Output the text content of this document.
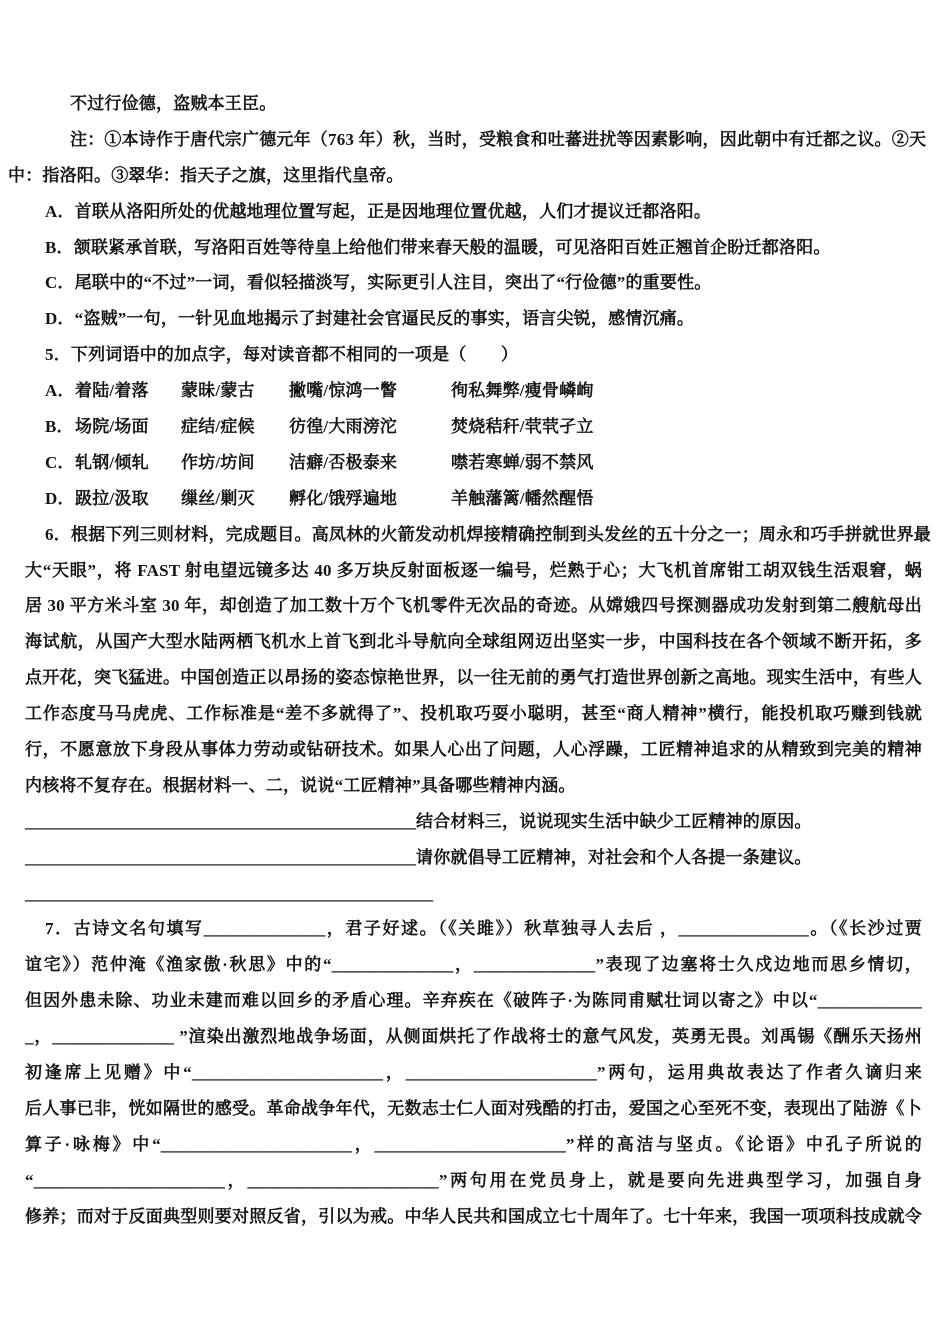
不过行俭德，盗贼本王臣。
注：①本诗作于唐代宗广德元年（763 年）秋，当时，受粮食和吐蕃进扰等因素影响，因此朝中有迁都之议。②天
中：指洛阳。③翠华：指天子之旗，这里指代皇帝。
A．首联从洛阳所处的优越地理位置写起，正是因地理位置优越，人们才提议迁都洛阳。
B．颔联紧承首联，写洛阳百姓等待皇上给他们带来春天般的温暖，可见洛阳百姓正翘首企盼迁都洛阳。
C．尾联中的“不过”一词，看似轻描淡写，实际更引人注目，突出了“行俭德”的重要性。
D．“盗贼”一句，一针见血地揭示了封建社会官逼民反的事实，语言尖锐，感情沉痛。
5．下列词语中的加点字，每对读音都不相同的一项是（　　）
A．着陆/着落 蒙昧/蒙古 撇嘴/惊鸿一瞥	徇私舞弊/瘦骨嶙峋
B．场院/场面 症结/症候 彷徨/大雨滂沱	焚烧秸秆/茕茕孑立
C．轧钢/倾轧 作坊/坊间 洁癖/否极泰来	噤若寒蝉/弱不禁风
D．趿拉/汲取 缫丝/剿灭 孵化/饿殍遍地	羊触藩篱/幡然醒悟
6．根据下列三则材料，完成题目。高凤林的火箭发动机焊接精确控制到头发丝的五十分之一；周永和巧手拼就世界最
大“天眼”，将 FAST 射电望远镜多达 40 多万块反射面板逐一编号，烂熟于心；大飞机首席钳工胡双钱生活艰窘，蜗
居 30 平方米斗室 30 年，却创造了加工数十万个飞机零件无次品的奇迹。从嫦娥四号探测器成功发射到第二艘航母出
海试航，从国产大型水陆两栖飞机水上首飞到北斗导航向全球组网迈出坚实一步，中国科技在各个领域不断开拓，多
点开花，突飞猛进。中国创造正以昂扬的姿态惊艳世界，以一往无前的勇气打造世界创新之高地。现实生活中，有些人
工作态度马马虎虎、工作标准是“差不多就得了”、投机取巧耍小聪明，甚至“商人精神”横行，能投机取巧赚到钱就
行，不愿意放下身段从事体力劳动或钻研技术。如果人心出了问题，人心浮躁，工匠精神追求的从精致到完美的精神
内核将不复存在。根据材料一、二，说说“工匠精神”具备哪些精神内涵。
______________________________________________结合材料三，说说现实生活中缺少工匠精神的原因。
______________________________________________请你就倡导工匠精神，对社会和个人各提一条建议。
________________________________________________
7．古诗文名句填写______________，君子好逑。（《关雎》）秋草独寻人去后 ，_______________。（《长沙过贾
谊宅》）范仲淹《渔家傲·秋思》中的“______________，______________”表现了边塞将士久戍边地而思乡情切，
但因外患未除、功业未建而难以回乡的矛盾心理。辛弃疾在《破阵子·为陈同甫赋壮词以寄之》中以“____________
_，______________ ”渲染出激烈地战争场面，从侧面烘托了作战将士的意气风发，英勇无畏。刘禹锡《酬乐天扬州
初逢席上见赠》中“______________________，______________________”两句，运用典故表达了作者久谪归来
后人事已非，恍如隔世的感受。革命战争年代，无数志士仁人面对残酷的打击，爱国之心至死不变，表现出了陆游《卜
算子·咏梅》中“______________________，______________________”样的高洁与坚贞。《论语》中孔子所说的
“______________________，______________________”两句用在党员身上，就是要向先进典型学习，加强自身
修养；而对于反面典型则要对照反省，引以为戒。中华人民共和国成立七十周年了。七十年来，我国一项项科技成就令
